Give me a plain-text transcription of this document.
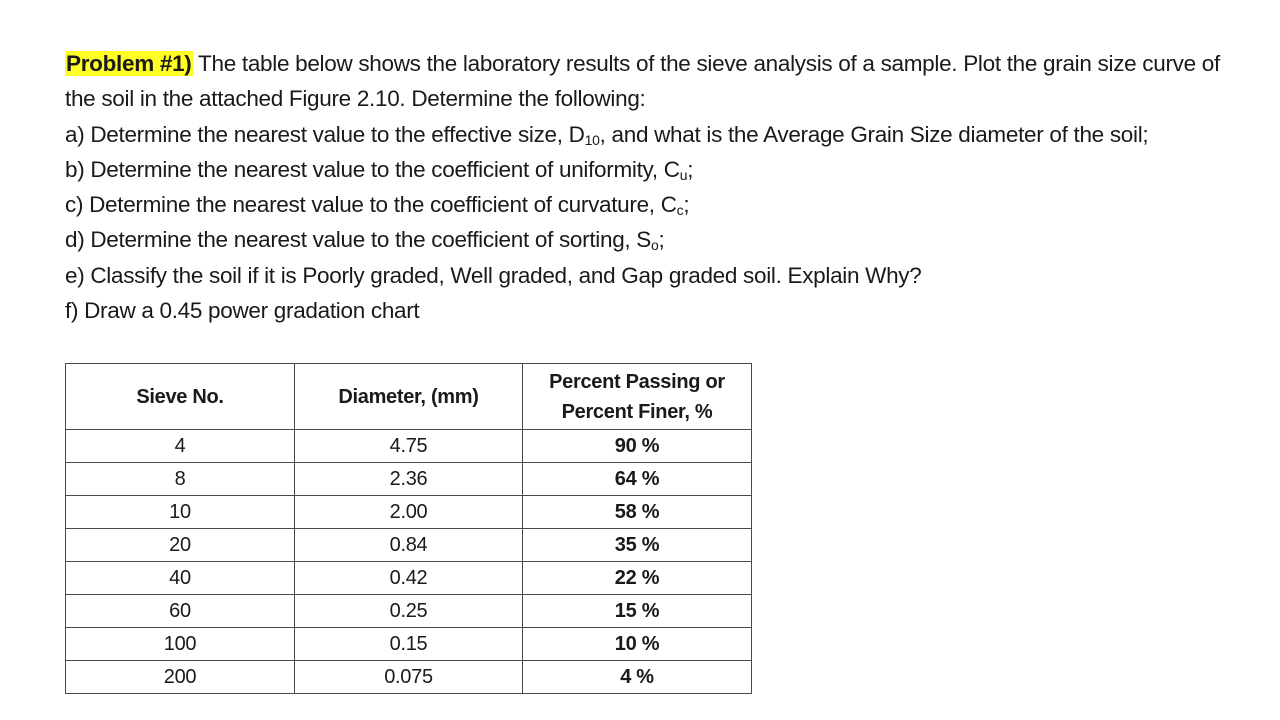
Problem #1) The table below shows the laboratory results of the sieve analysis of a sample. Plot the grain size curve of
the soil in the attached Figure 2.10. Determine the following:
a) Determine the nearest value to the effective size, $D_{10}$, and what is the Average Grain Size diameter of the soil;
b) Determine the nearest value to the coefficient of uniformity, $C_u$;
c) Determine the nearest value to the coefficient of curvature, $C_c$;
d) Determine the nearest value to the coefficient of sorting, $S_o$;
e) Classify the soil if it is Poorly graded, Well graded, and Gap graded soil. Explain Why?
f) Draw a 0.45 power gradation chart
Sieve No.	Diameter, (mm)	Percent Passing or
Percent Finer, %

4	4.75	90 %
8	2.36	64 %
10	2.00	58 %
20	0.84	35 %
40	0.42	22 %
60	0.25	15 %
100	0.15	10 %
200	0.075	4 %
